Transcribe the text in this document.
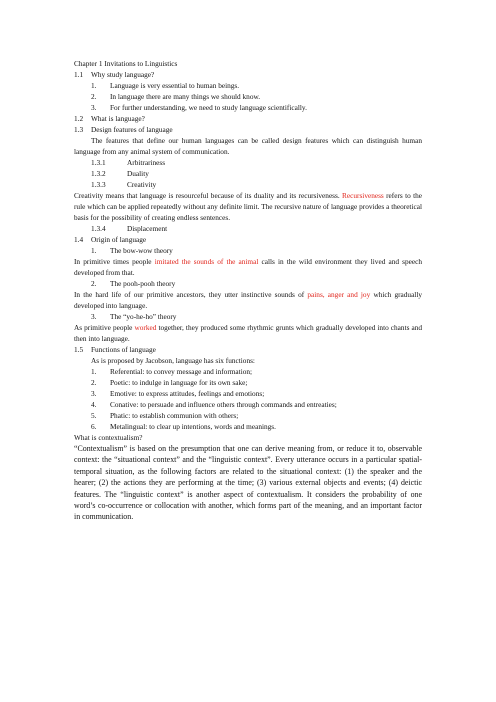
Chapter 1 Invitations to Linguistics
1.1 Why study language?
1.	Language is very essential to human beings.
2.	In language there are many things we should know.
3.	For further understanding, we need to study language scientifically.
1.2 What is language?
1.3 Design features of language
The features that define our human languages can be called design features which can distinguish human language from any animal system of communication.
1.3.1	Arbitrariness
1.3.2	Duality
1.3.3	Creativity
Creativity means that language is resourceful because of its duality and its recursiveness. Recursiveness refers to the rule which can be applied repeatedly without any definite limit. The recursive nature of language provides a theoretical basis for the possibility of creating endless sentences.
1.3.4	Displacement
1.4 Origin of language
1.	The bow-wow theory
In primitive times people imitated the sounds of the animal calls in the wild environment they lived and speech developed from that.
2.	The pooh-pooh theory
In the hard life of our primitive ancestors, they utter instinctive sounds of pains, anger and joy which gradually developed into language.
3.	The “yo-he-ho” theory
As primitive people worked together, they produced some rhythmic grunts which gradually developed into chants and then into language.
1.5 Functions of language
As is proposed by Jacobson, language has six functions:
1.	Referential: to convey message and information;
2.	Poetic: to indulge in language for its own sake;
3.	Emotive: to express attitudes, feelings and emotions;
4.	Conative: to persuade and influence others through commands and entreaties;
5.	Phatic: to establish communion with others;
6.	Metalingual: to clear up intentions, words and meanings.
What is contextualism?
“Contextualism” is based on the presumption that one can derive meaning from, or reduce it to, observable context: the “situational context” and the “linguistic context”. Every utterance occurs in a particular spatial-temporal situation, as the following factors are related to the situational context: (1) the speaker and the hearer; (2) the actions they are performing at the time; (3) various external objects and events; (4) deictic features. The “linguistic context” is another aspect of contextualism. It considers the probability of one word’s co-occurrence or collocation with another, which forms part of the meaning, and an important factor in communication.
